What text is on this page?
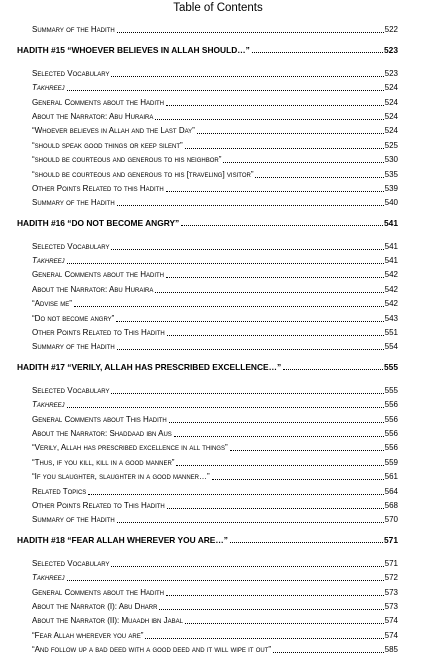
Table of Contents
Summary of the Hadith	522
HADITH #15 “WHOEVER BELIEVES IN ALLAH SHOULD…”	523
Selected Vocabulary	523
Takhreej	524
General Comments about the Hadith	524
About the Narrator: Abu Huraira	524
“Whoever believes in Allah and the Last Day”	524
“should speak good things or keep silent”	525
“should be courteous and generous to his neighbor”	530
“should be courteous and generous to his [traveling] visitor”	535
Other Points Related to this Hadith	539
Summary of the Hadith	540
HADITH #16 “DO NOT BECOME ANGRY”	541
Selected Vocabulary	541
Takhreej	541
General Comments about the Hadith	542
About the Narrator: Abu Huraira	542
“Advise me”	542
“Do not become angry”	543
Other Points Related to This Hadith	551
Summary of the Hadith	554
HADITH #17 “VERILY, ALLAH HAS PRESCRIBED EXCELLENCE…”	555
Selected Vocabulary	555
Takhreej	556
General Comments about This Hadith	556
About the Narrator: Shaddaad ibn Aus	556
“Verily, Allah has prescribed excellence in all things”	556
“Thus, if you kill, kill in a good manner”	559
“If you slaughter, slaughter in a good manner…”	561
Related Topics	564
Other Points Related to This Hadith	568
Summary of the Hadith	570
HADITH #18 “FEAR ALLAH WHEREVER YOU ARE…”	571
Selected Vocabulary	571
Takhreej	572
General Comments about the Hadith	573
About the Narrator (I): Abu Dharr	573
About the Narrator (II): Muaadh ibn Jabal	574
“Fear Allah wherever you are”	574
“And follow up a bad deed with a good deed and it will wipe it out”	585
